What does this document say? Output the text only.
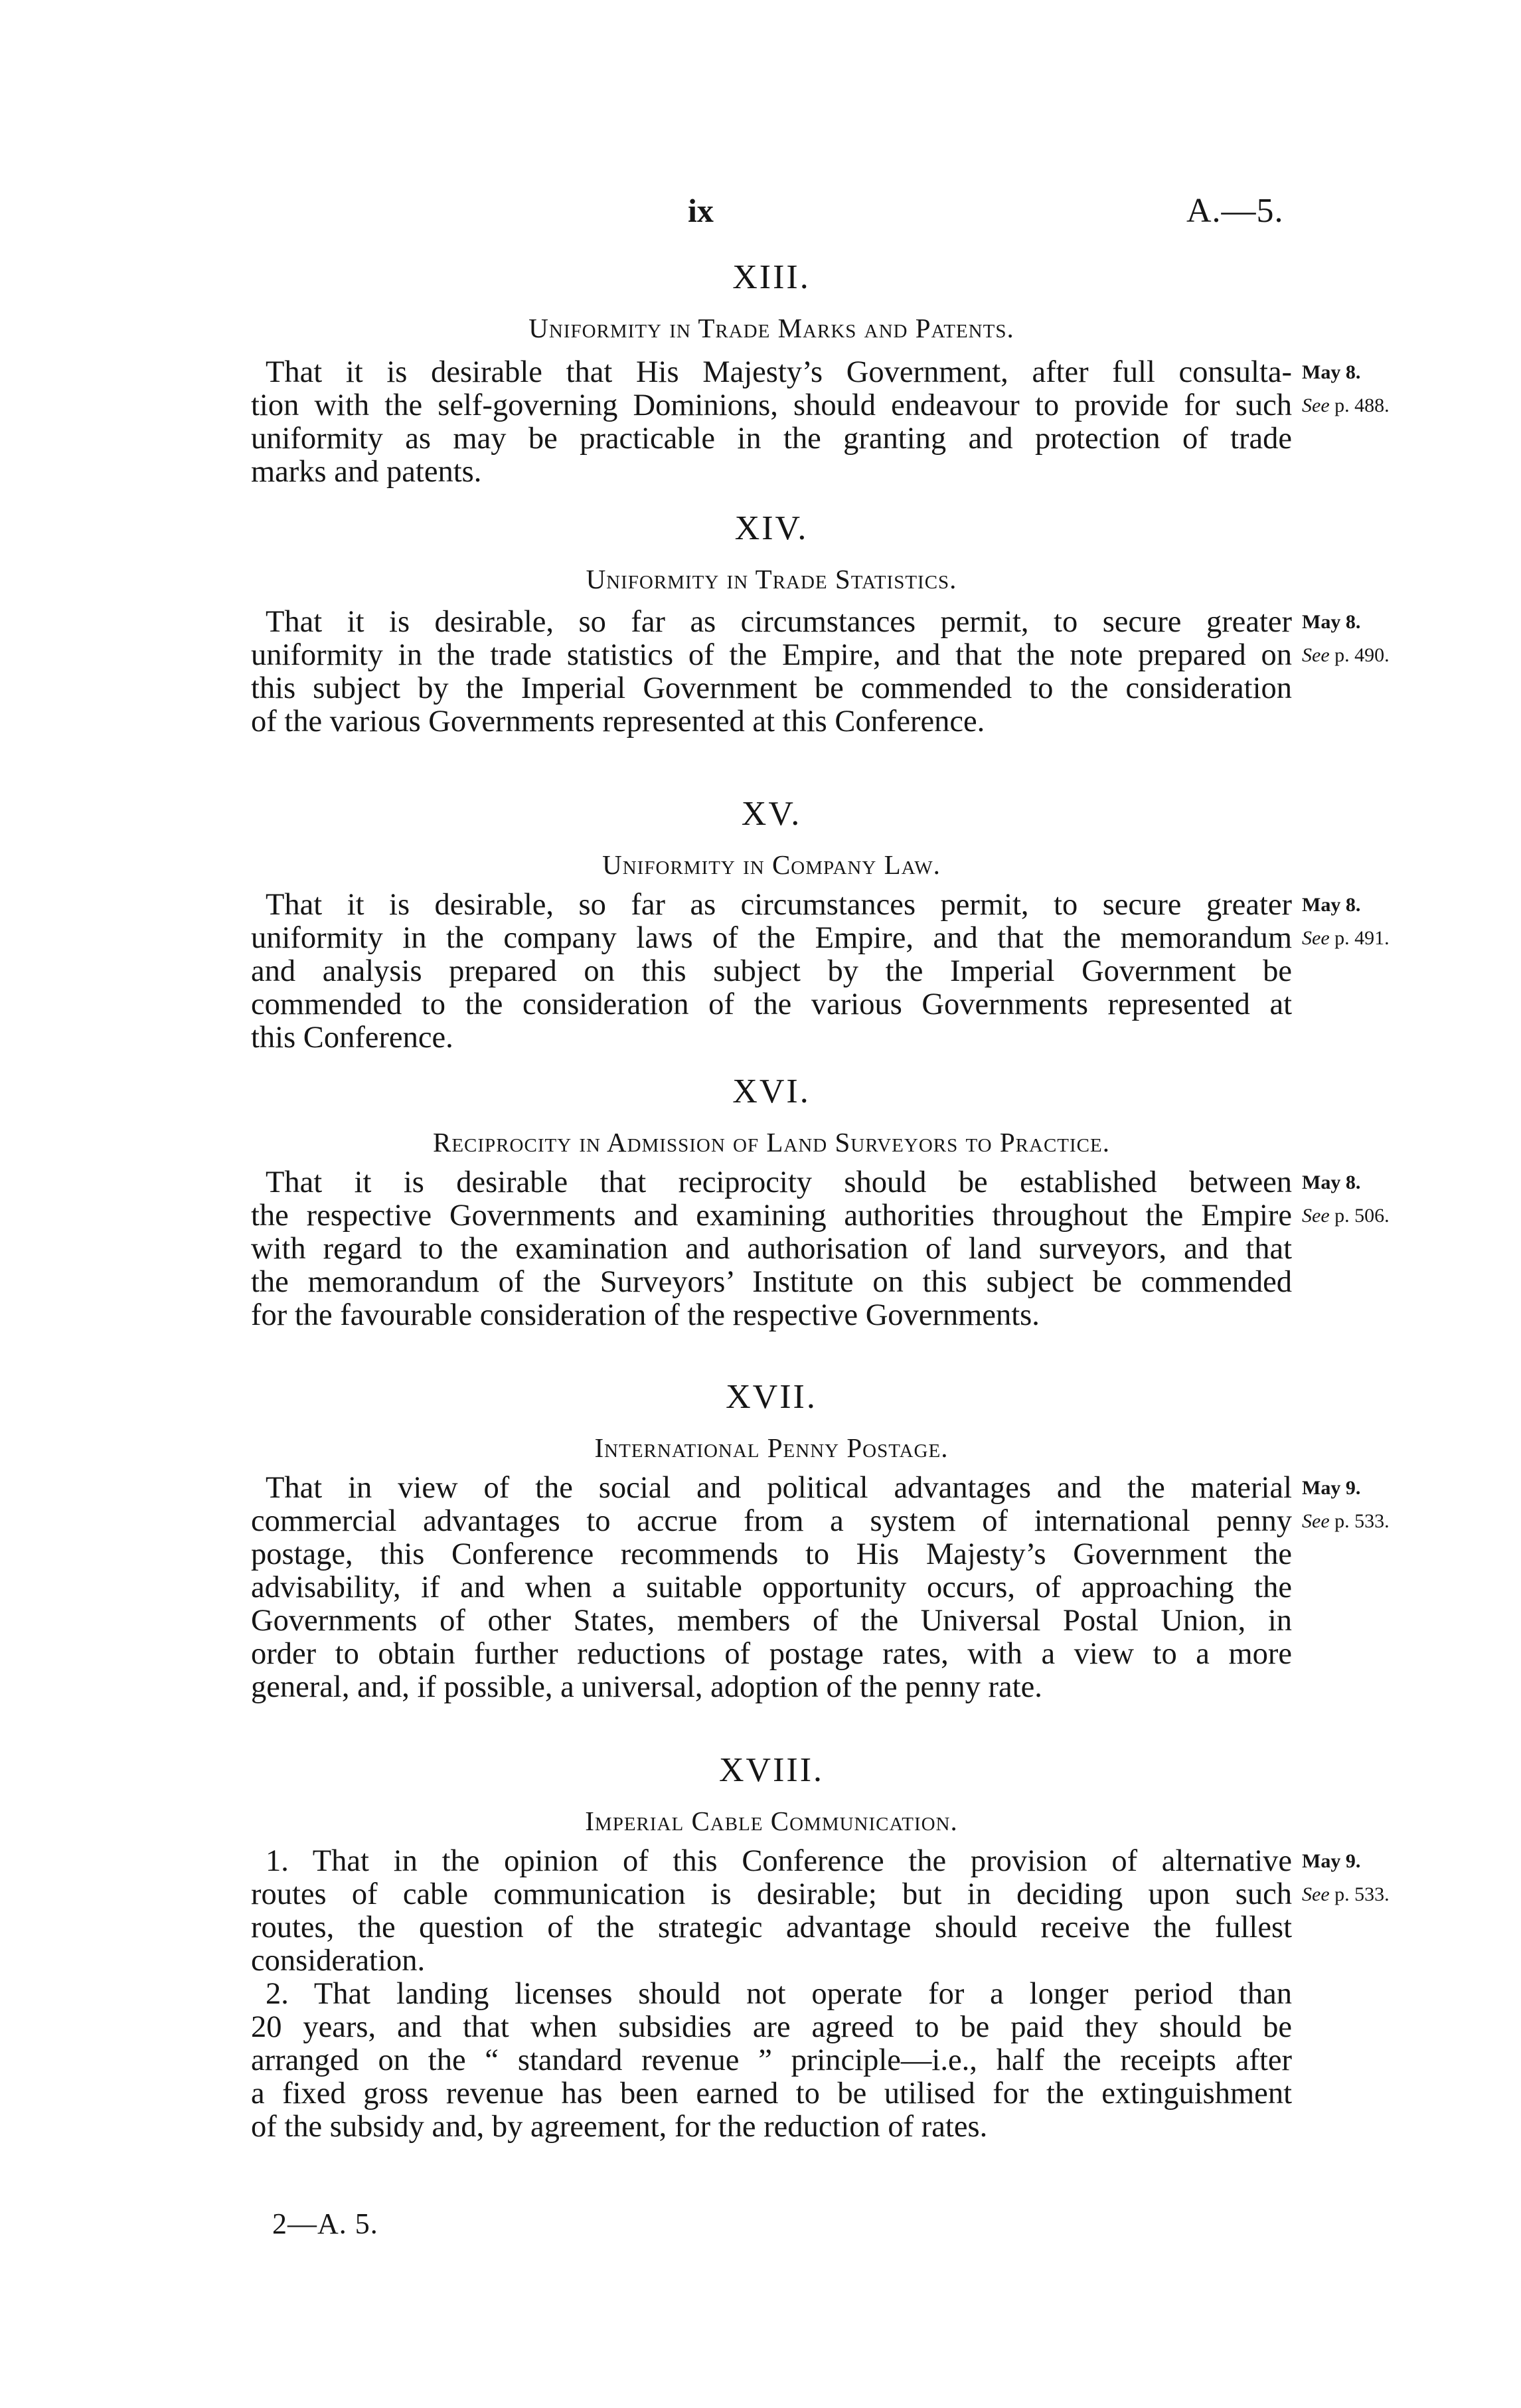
ix	A.—5.
XIII.
Uniformity in Trade Marks and Patents.
That it is desirable that His Majesty’s Government, after full consulta-
tion with the self-governing Dominions, should endeavour to provide for such
uniformity as may be practicable in the granting and protection of trade
marks and patents.
May 8.
See p. 488.
XIV.
Uniformity in Trade Statistics.
That it is desirable, so far as circumstances permit, to secure greater
uniformity in the trade statistics of the Empire, and that the note prepared on
this subject by the Imperial Government be commended to the consideration
of the various Governments represented at this Conference.
May 8.
See p. 490.
XV.
Uniformity in Company Law.
That it is desirable, so far as circumstances permit, to secure greater
uniformity in the company laws of the Empire, and that the memorandum
and analysis prepared on this subject by the Imperial Government be
commended to the consideration of the various Governments represented at
this Conference.
May 8.
See p. 491.
XVI.
Reciprocity in Admission of Land Surveyors to Practice.
That it is desirable that reciprocity should be established between
the respective Governments and examining authorities throughout the Empire
with regard to the examination and authorisation of land surveyors, and that
the memorandum of the Surveyors’ Institute on this subject be commended
for the favourable consideration of the respective Governments.
May 8.
See p. 506.
XVII.
International Penny Postage.
That in view of the social and political advantages and the material
commercial advantages to accrue from a system of international penny
postage, this Conference recommends to His Majesty’s Government the
advisability, if and when a suitable opportunity occurs, of approaching the
Governments of other States, members of the Universal Postal Union, in
order to obtain further reductions of postage rates, with a view to a more
general, and, if possible, a universal, adoption of the penny rate.
May 9.
See p. 533.
XVIII.
Imperial Cable Communication.
1. That in the opinion of this Conference the provision of alternative
routes of cable communication is desirable; but in deciding upon such
routes, the question of the strategic advantage should receive the fullest
consideration.
2. That landing licenses should not operate for a longer period than
20 years, and that when subsidies are agreed to be paid they should be
arranged on the “ standard revenue ” principle—i.e., half the receipts after
a fixed gross revenue has been earned to be utilised for the extinguishment
of the subsidy and, by agreement, for the reduction of rates.
May 9.
See p. 533.
2—A. 5.
